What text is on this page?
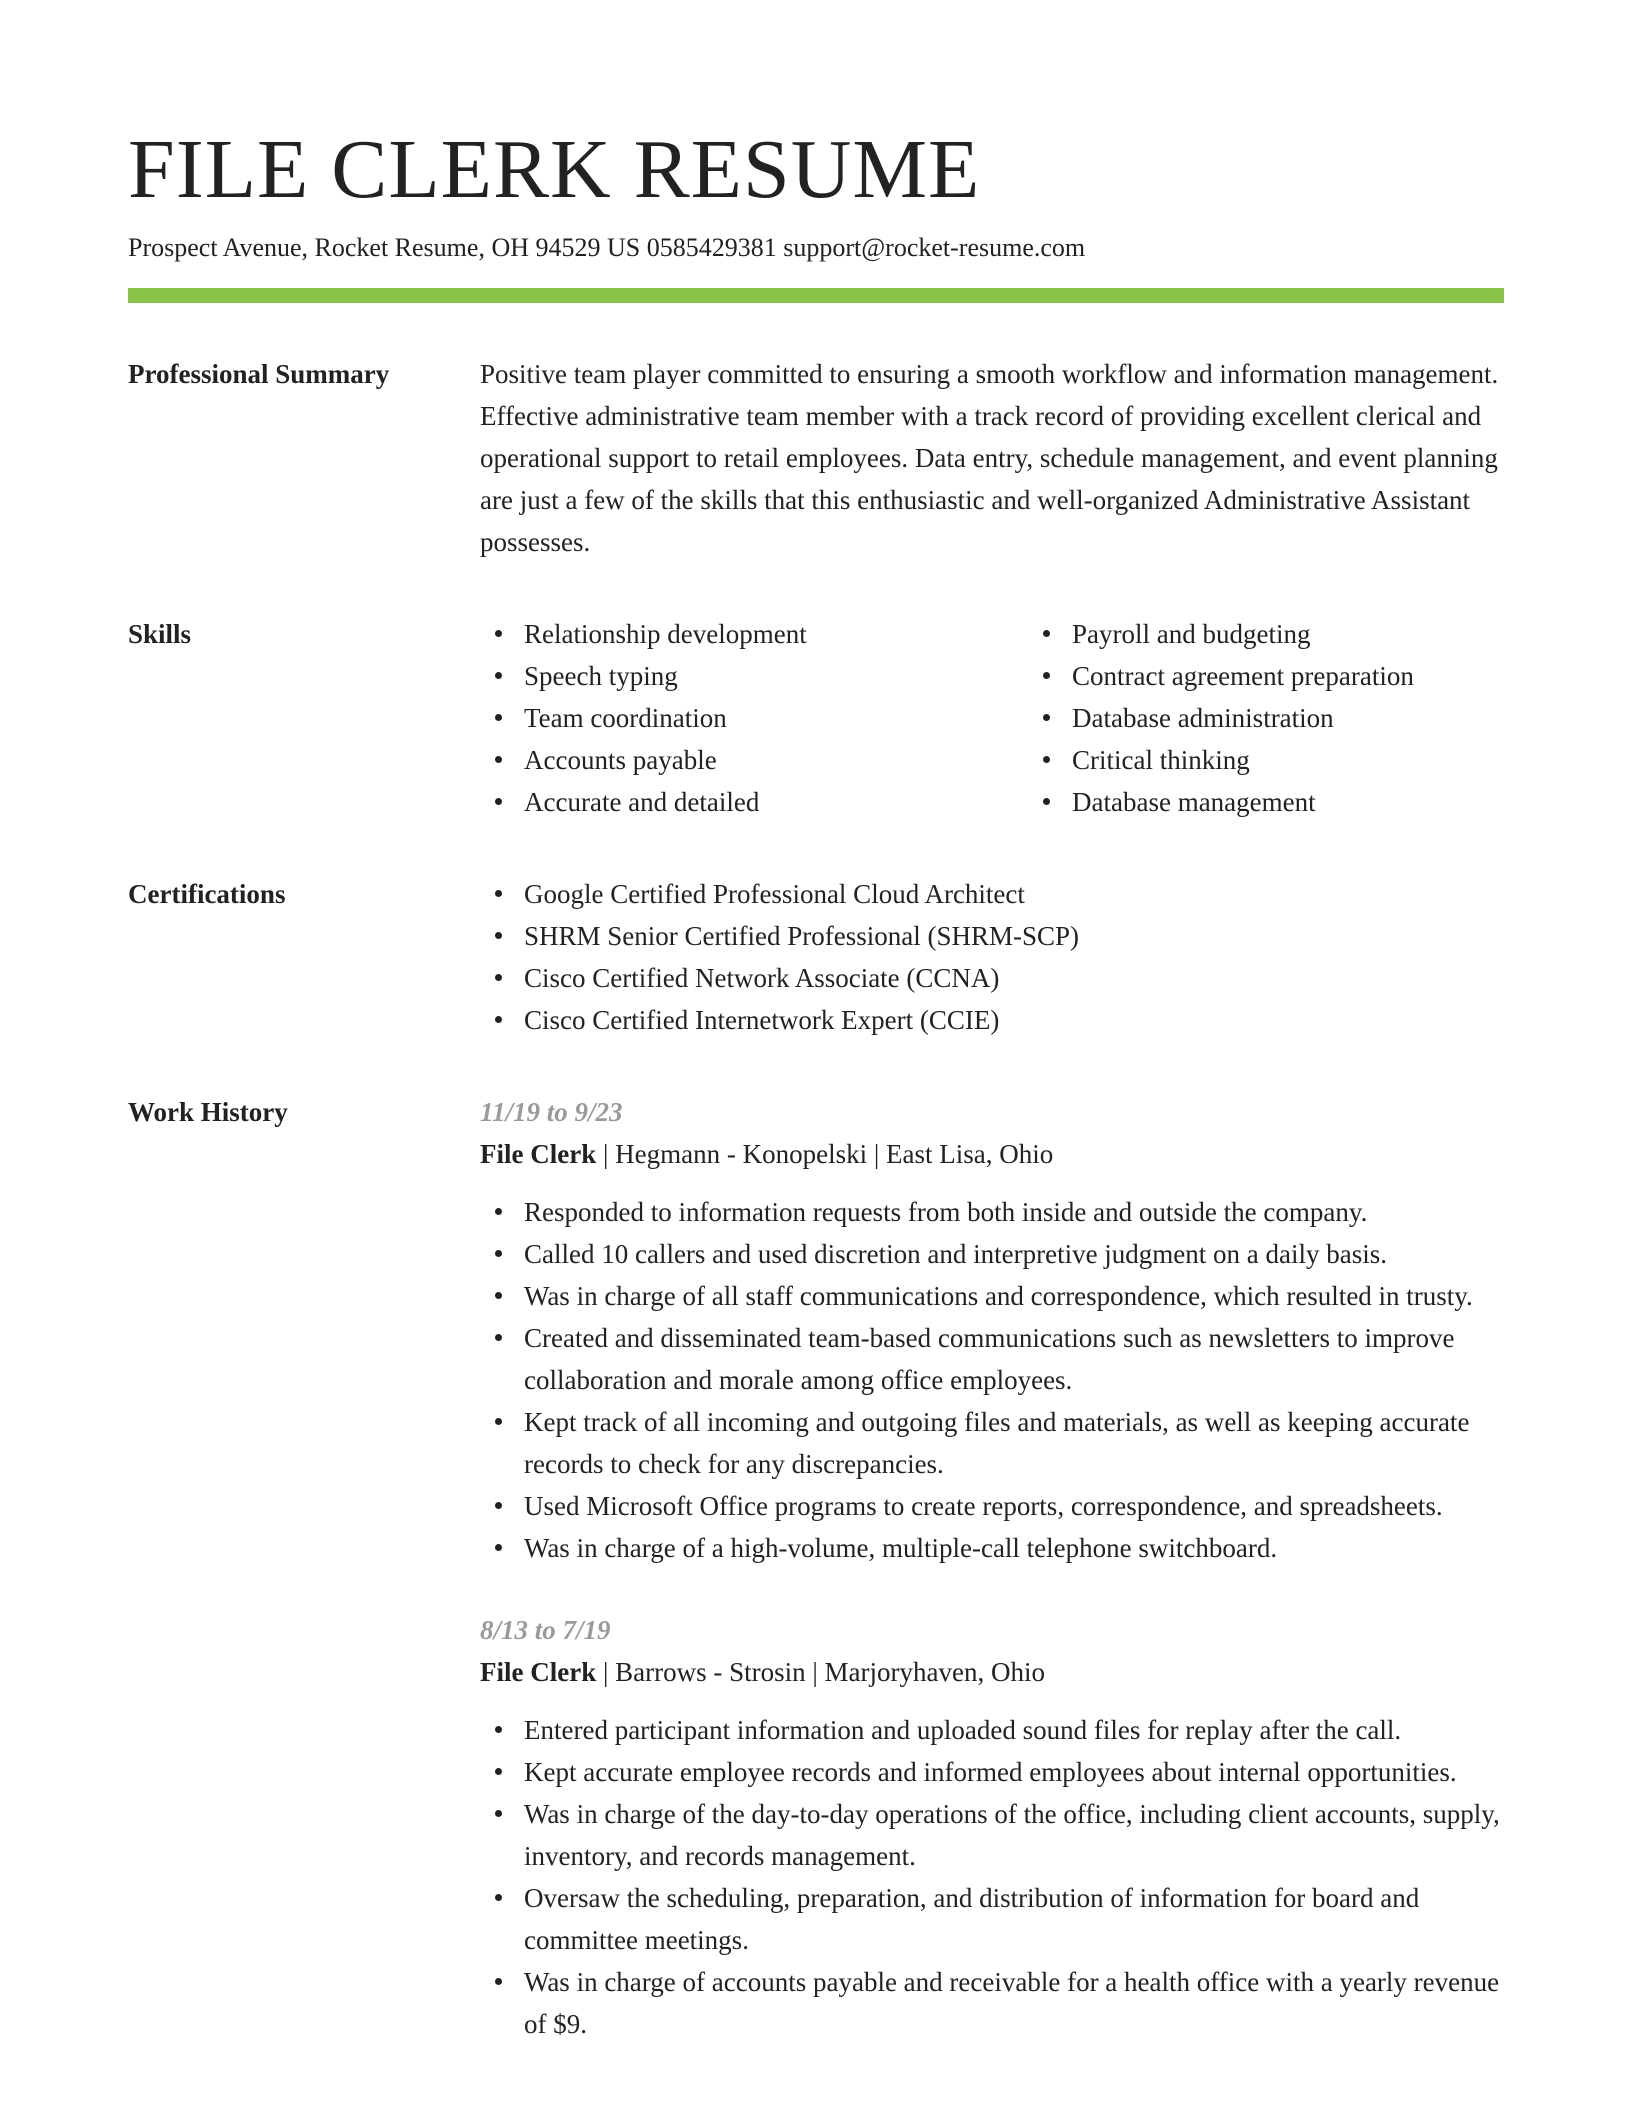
FILE CLERK RESUME
Prospect Avenue, Rocket Resume, OH 94529 US 0585429381 support@rocket-resume.com
Professional Summary	Positive team player committed to ensuring a smooth workflow and information management. Effective administrative team member with a track record of providing excellent clerical and operational support to retail employees. Data entry, schedule management, and event planning are just a few of the skills that this enthusiastic and well-organized Administrative Assistant possesses.

Skills	Relationship development
Speech typing
Team coordination
Accounts payable
Accurate and detailed
Payroll and budgeting
Contract agreement preparation
Database administration
Critical thinking
Database management
Certifications	Google Certified Professional Cloud Architect
SHRM Senior Certified Professional (SHRM-SCP)
Cisco Certified Network Associate (CCNA)
Cisco Certified Internetwork Expert (CCIE)
Work History	11/19 to 9/23
File Clerk | Hegmann - Konopelski | East Lisa, Ohio
Responded to information requests from both inside and outside the company.
Called 10 callers and used discretion and interpretive judgment on a daily basis.
Was in charge of all staff communications and correspondence, which resulted in trusty.
Created and disseminated team-based communications such as newsletters to improve collaboration and morale among office employees.
Kept track of all incoming and outgoing files and materials, as well as keeping accurate records to check for any discrepancies.
Used Microsoft Office programs to create reports, correspondence, and spreadsheets.
Was in charge of a high-volume, multiple-call telephone switchboard.
8/13 to 7/19
File Clerk | Barrows - Strosin | Marjoryhaven, Ohio
Entered participant information and uploaded sound files for replay after the call.
Kept accurate employee records and informed employees about internal opportunities.
Was in charge of the day-to-day operations of the office, including client accounts, supply, inventory, and records management.
Oversaw the scheduling, preparation, and distribution of information for board and committee meetings.
Was in charge of accounts payable and receivable for a health office with a yearly revenue of $9.
